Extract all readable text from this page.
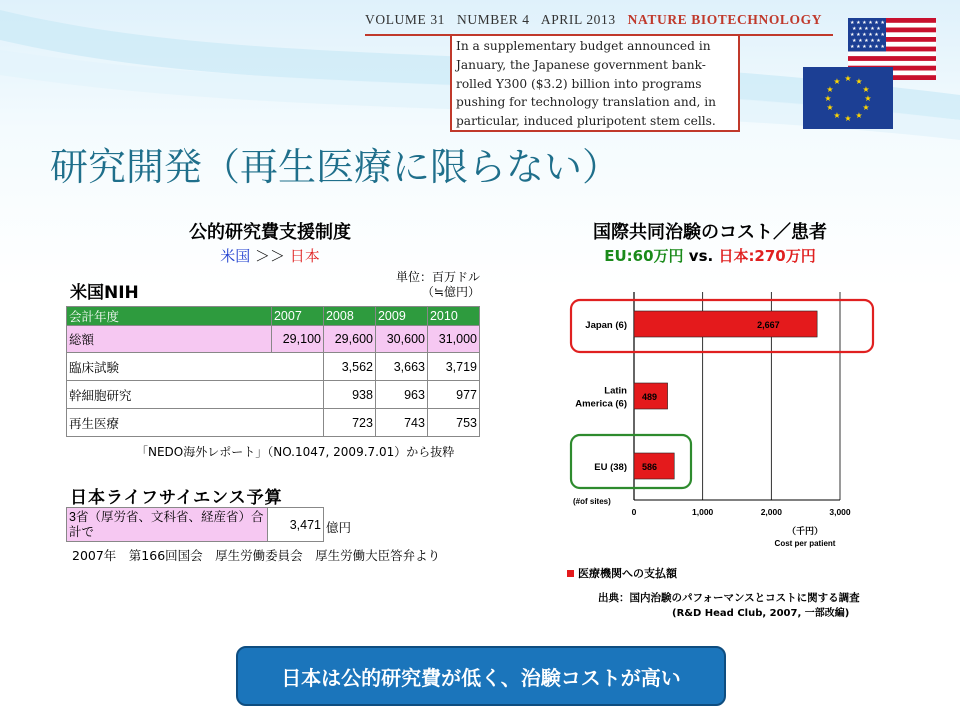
VOLUME 31 NUMBER 4 APRIL 2013 NATURE BIOTECHNOLOGY
In a supplementary budget announced in January, the Japanese government bank-rolled Y300 ($3.2) billion into programs pushing for technology translation and, in particular, induced pluripotent stem cells.
★ ★ ★ ★ ★ ★
★ ★ ★ ★ ★
★ ★ ★ ★ ★ ★
★ ★ ★ ★ ★
★ ★ ★ ★ ★ ★
★ ★
★
★
★
★
★
★
★
★
★
★
研究開発（再生医療に限らない）
公的研究費支援制度
米国 ＞＞ 日本
米国NIH
単位：百万ドル
（≒億円）
会計年度	2007	2008	2009	2010
総額	29,100	29,600	30,600	31,000
臨床試験		3,562	3,663	3,719
幹細胞研究		938	963	977
再生医療		723	743	753
「NEDO海外レポート」（NO.1047, 2009.7.01）から抜粋
日本ライフサイエンス予算
3省（厚労省、文科省、経産省）合計で	3,471 億円
2007年　第166回国会　厚生労働委員会　厚生労働大臣答弁より
国際共同治験のコスト／患者
EU:60万円 vs. 日本:270万円
0	1,000	2,000	3,000
2,667
Japan (6)
489
Latin
America (6)
586
EU (38)
(#of sites)
（千円）
Cost per patient
医療機関への支払額
出典：国内治験のパフォーマンスとコストに関する調査
(R&D Head Club, 2007, 一部改編)
日本は公的研究費が低く、治験コストが高い
